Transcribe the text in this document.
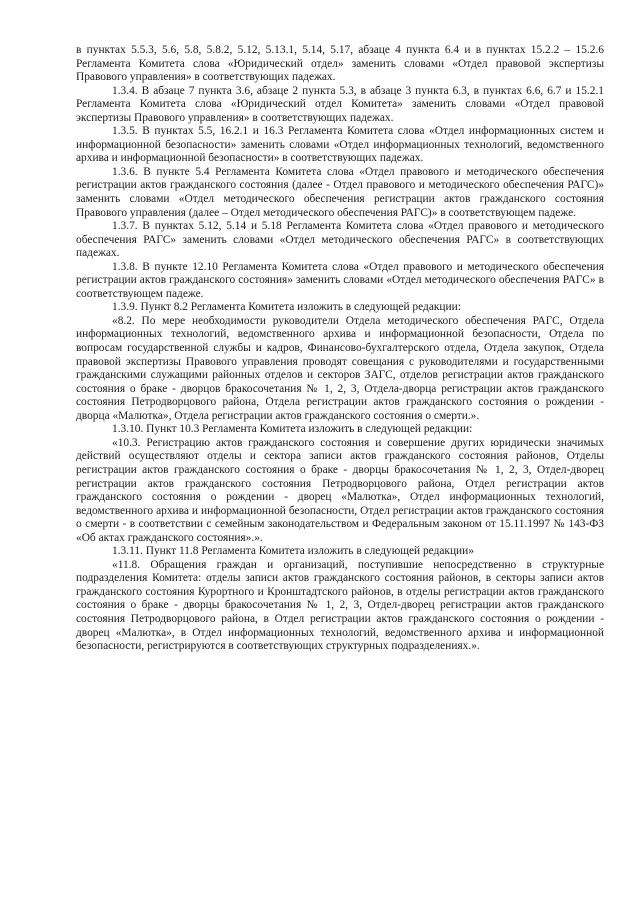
в пунктах 5.5.3, 5.6, 5.8, 5.8.2, 5.12, 5.13.1, 5.14, 5.17, абзаце 4 пункта 6.4 и в пунктах 15.2.2 – 15.2.6 Регламента Комитета слова «Юридический отдел» заменить словами «Отдел правовой экспертизы Правового управления» в соответствующих падежах.

1.3.4. В абзаце 7 пункта 3.6, абзаце 2 пункта 5.3, в абзаце 3 пункта 6.3, в пунктах 6.6, 6.7 и 15.2.1 Регламента Комитета слова «Юридический отдел Комитета» заменить словами «Отдел правовой экспертизы Правового управления» в соответствующих падежах.

1.3.5. В пунктах 5.5, 16.2.1 и 16.3 Регламента Комитета слова «Отдел информационных систем и информационной безопасности» заменить словами «Отдел информационных технологий, ведомственного архива и информационной безопасности» в соответствующих падежах.

1.3.6. В пункте 5.4 Регламента Комитета слова «Отдел правового и методического обеспечения регистрации актов гражданского состояния (далее - Отдел правового и методического обеспечения РАГС)» заменить словами «Отдел методического обеспечения регистрации актов гражданского состояния Правового управления (далее – Отдел методического обеспечения РАГС)» в соответствующем падеже.

1.3.7. В пунктах 5.12, 5.14 и 5.18 Регламента Комитета слова «Отдел правового и методического обеспечения РАГС» заменить словами «Отдел методического обеспечения РАГС» в соответствующих падежах.

1.3.8. В пункте 12.10 Регламента Комитета слова «Отдел правового и методического обеспечения регистрации актов гражданского состояния» заменить словами «Отдел методического обеспечения РАГС» в соответствующем падеже.

1.3.9. Пункт 8.2 Регламента Комитета изложить в следующей редакции:

«8.2. По мере необходимости руководители Отдела методического обеспечения РАГС, Отдела информационных технологий, ведомственного архива и информационной безопасности, Отдела по вопросам государственной службы и кадров, Финансово-бухгалтерского отдела, Отдела закупок, Отдела правовой экспертизы Правового управления проводят совещания с руководителями и государственными гражданскими служащими районных отделов и секторов ЗАГС, отделов регистрации актов гражданского состояния о браке - дворцов бракосочетания № 1, 2, 3, Отдела-дворца регистрации актов гражданского состояния Петродворцового района, Отдела регистрации актов гражданского состояния о рождении - дворца «Малютка», Отдела регистрации актов гражданского состояния о смерти.».

1.3.10. Пункт 10.3 Регламента Комитета изложить в следующей редакции:

«10.3. Регистрацию актов гражданского состояния и совершение других юридически значимых действий осуществляют отделы и сектора записи актов гражданского состояния районов, Отделы регистрации актов гражданского состояния о браке - дворцы бракосочетания № 1, 2, 3, Отдел-дворец регистрации актов гражданского состояния Петродворцового района, Отдел регистрации актов гражданского состояния о рождении - дворец «Малютка», Отдел информационных технологий, ведомственного архива и информационной безопасности, Отдел регистрации актов гражданского состояния о смерти - в соответствии с семейным законодательством и Федеральным законом от 15.11.1997 № 143-ФЗ «Об актах гражданского состояния».».

1.3.11. Пункт 11.8 Регламента Комитета изложить в следующей редакции»

«11.8. Обращения граждан и организаций, поступившие непосредственно в структурные подразделения Комитета: отделы записи актов гражданского состояния районов, в секторы записи актов гражданского состояния Курортного и Кронштадтского районов, в отделы регистрации актов гражданского состояния о браке - дворцы бракосочетания № 1, 2, 3, Отдел-дворец регистрации актов гражданского состояния Петродворцового района, в Отдел регистрации актов гражданского состояния о рождении - дворец «Малютка», в Отдел информационных технологий, ведомственного архива и информационной безопасности, регистрируются в соответствующих структурных подразделениях.».
